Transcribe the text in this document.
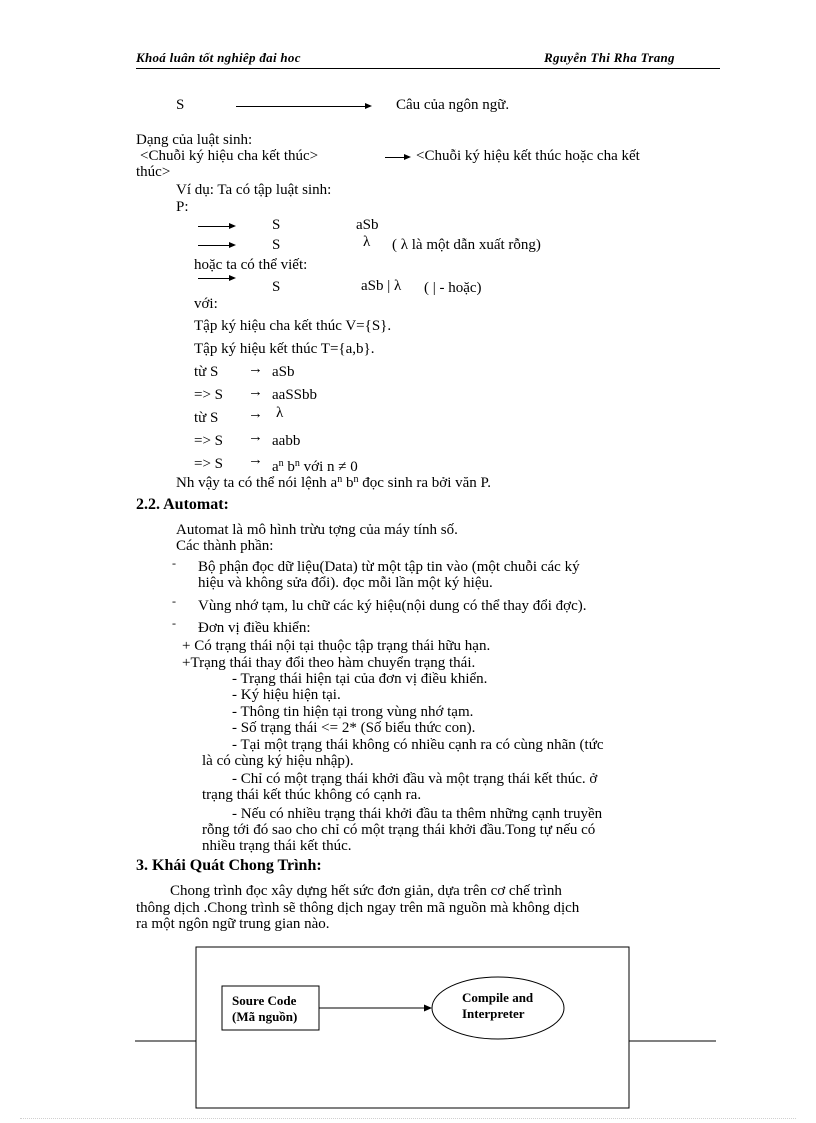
Khoá luân tốt nghiêp đai hoc	Rguyễn Thi Rha Trang
S	Câu của ngôn ngữ.
Dạng của luật sinh:
<Chuỗi ký hiệu cha kết thúc>	<Chuỗi ký hiệu kết thúc hoặc cha kết
thúc>
Ví dụ: Ta có tập luật sinh:
P:
S	aSb
S	λ ( λ là một dẫn xuất rỗng)
hoặc ta có thể viết:
S	aSb | λ ( | - hoặc)
với:
Tập ký hiệu cha kết thúc V={S}.
Tập ký hiệu kết thúc T={a,b}.
từ S → aSb
=> S → aaSSbb
từ S → λ
=> S → aabb
=> $S \to a^n$ $b^n$ với n ≠ 0
Nh vậy ta có thể nói lệnh $a^n$ $b^n$ đọc sinh ra bởi văn P.
2.2. Automat:
Automat là mô hình trừu tợng của máy tính số.
Các thành phần:
- Bộ phận đọc dữ liệu(Data) từ một tập tin vào (một chuỗi các ký
hiệu và không sửa đổi). đọc mỗi lần một ký hiệu.
- Vùng nhớ tạm, lu chữ các ký hiệu(nội dung có thể thay đổi đợc).
- Đơn vị điều khiển:
+ Có trạng thái nội tại thuộc tập trạng thái hữu hạn.
+Trạng thái thay đổi theo hàm chuyển trạng thái.
- Trạng thái hiện tại của đơn vị điều khiển.
- Ký hiệu hiện tại.
- Thông tin hiện tại trong vùng nhớ tạm.
- Số trạng thái <= 2* (Số biểu thức con).
- Tại một trạng thái không có nhiều cạnh ra có cùng nhãn (tức
là có cùng ký hiệu nhập).
- Chỉ có một trạng thái khởi đầu và một trạng thái kết thúc. ở
trạng thái kết thúc không có cạnh ra.
- Nếu có nhiều trạng thái khởi đầu ta thêm những cạnh truyền
rỗng tới đó sao cho chỉ có một trạng thái khởi đầu.Tong tự nếu có
nhiều trạng thái kết thúc.
3. Khái Quát Chong Trình:
Chong trình đọc xây dựng hết sức đơn giản, dựa trên cơ chế trình
thông dịch .Chong trình sẽ thông dịch ngay trên mã nguồn mà không dịch
ra một ngôn ngữ trung gian nào.
Soure Code
(Mã nguồn)
Compile and
Interpreter
